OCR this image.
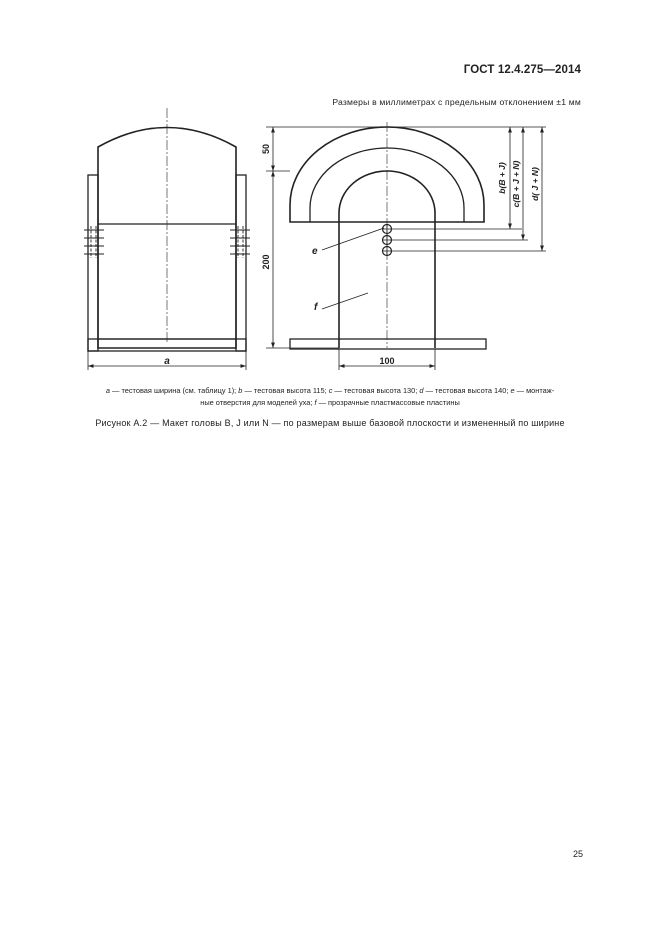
ГОСТ 12.4.275—2014
Размеры в миллиметрах с предельным отклонением ±1 мм
a
50
200
100
b(B + J) c(B + J + N) d( J + N)
e
f
a — тестовая ширина (см. таблицу 1); b — тестовая высота 115; c — тестовая высота 130; d — тестовая высота 140; e — монтаж-
ные отверстия для моделей уха; f — прозрачные пластмассовые пластины
Рисунок А.2 — Макет головы В, J или N — по размерам выше базовой плоскости и измененный по ширине
25
